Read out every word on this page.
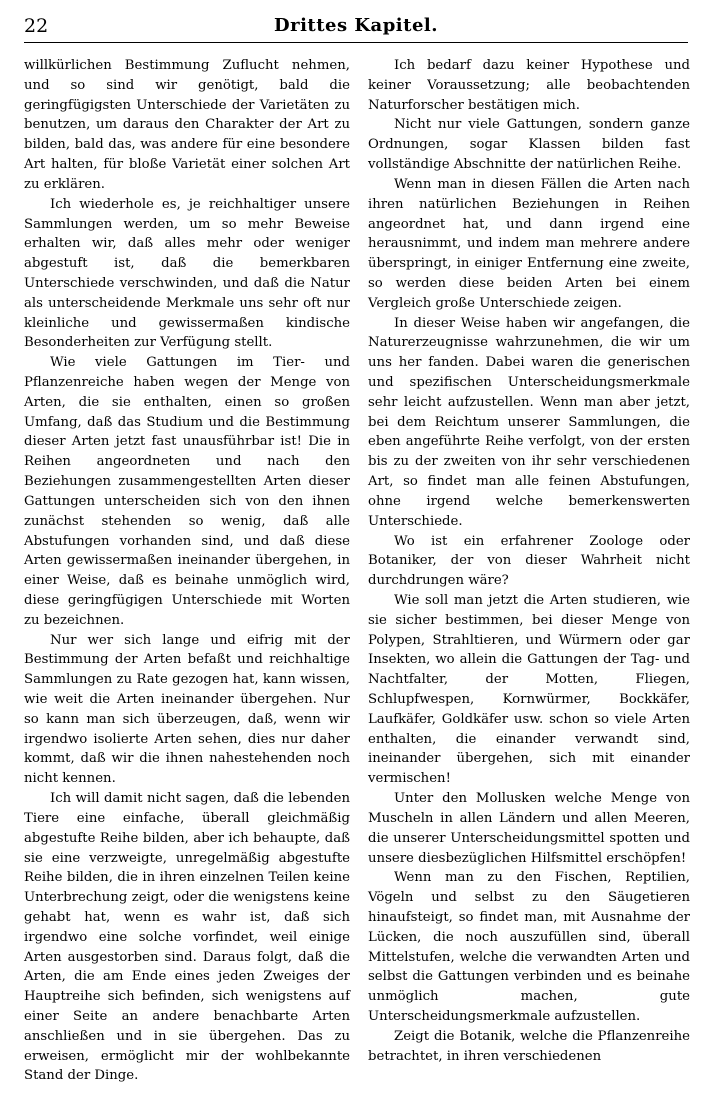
22	Drittes Kapitel.

willkürlichen Bestimmung Zuflucht nehmen, und so sind wir genötigt, bald die geringfügigsten Unterschiede der Varietäten zu benutzen, um daraus den Charakter der Art zu bilden, bald das, was andere für eine besondere Art halten, für bloße Varietät einer solchen Art zu erklären.

Ich wiederhole es, je reichhaltiger unsere Sammlungen werden, um so mehr Beweise erhalten wir, daß alles mehr oder weniger abgestuft ist, daß die bemerkbaren Unterschiede verschwinden, und daß die Natur als unterscheidende Merkmale uns sehr oft nur kleinliche und gewissermaßen kindische Besonderheiten zur Verfügung stellt.

Wie viele Gattungen im Tier- und Pflanzenreiche haben wegen der Menge von Arten, die sie enthalten, einen so großen Umfang, daß das Studium und die Bestimmung dieser Arten jetzt fast unausführbar ist! Die in Reihen angeordneten und nach den Beziehungen zusammengestellten Arten dieser Gattungen unterscheiden sich von den ihnen zunächst stehenden so wenig, daß alle Abstufungen vorhanden sind, und daß diese Arten gewissermaßen ineinander übergehen, in einer Weise, daß es beinahe unmöglich wird, diese geringfügigen Unterschiede mit Worten zu bezeichnen.

Nur wer sich lange und eifrig mit der Bestimmung der Arten befaßt und reichhaltige Sammlungen zu Rate gezogen hat, kann wissen, wie weit die Arten ineinander übergehen. Nur so kann man sich überzeugen, daß, wenn wir irgendwo isolierte Arten sehen, dies nur daher kommt, daß wir die ihnen nahestehenden noch nicht kennen.

Ich will damit nicht sagen, daß die lebenden Tiere eine einfache, überall gleichmäßig abgestufte Reihe bilden, aber ich behaupte, daß sie eine verzweigte, unregelmäßig abgestufte Reihe bilden, die in ihren einzelnen Teilen keine Unterbrechung zeigt, oder die wenigstens keine gehabt hat, wenn es wahr ist, daß sich irgendwo eine solche vorfindet, weil einige Arten ausgestorben sind. Daraus folgt, daß die Arten, die am Ende eines jeden Zweiges der Hauptreihe sich befinden, sich wenigstens auf einer Seite an andere benachbarte Arten anschließen und in sie übergehen. Das zu erweisen, ermöglicht mir der wohlbekannte Stand der Dinge.

Ich bedarf dazu keiner Hypothese und keiner Voraussetzung; alle beobachtenden Naturforscher bestätigen mich.

Nicht nur viele Gattungen, sondern ganze Ordnungen, sogar Klassen bilden fast vollständige Abschnitte der natürlichen Reihe.

Wenn man in diesen Fällen die Arten nach ihren natürlichen Beziehungen in Reihen angeordnet hat, und dann irgend eine herausnimmt, und indem man mehrere andere überspringt, in einiger Entfernung eine zweite, so werden diese beiden Arten bei einem Vergleich große Unterschiede zeigen.

In dieser Weise haben wir angefangen, die Naturerzeugnisse wahrzunehmen, die wir um uns her fanden. Dabei waren die generischen und spezifischen Unterscheidungsmerkmale sehr leicht aufzustellen. Wenn man aber jetzt, bei dem Reichtum unserer Sammlungen, die eben angeführte Reihe verfolgt, von der ersten bis zu der zweiten von ihr sehr verschiedenen Art, so findet man alle feinen Abstufungen, ohne irgend welche bemerkenswerten Unterschiede.

Wo ist ein erfahrener Zoologe oder Botaniker, der von dieser Wahrheit nicht durchdrungen wäre?

Wie soll man jetzt die Arten studieren, wie sie sicher bestimmen, bei dieser Menge von Polypen, Strahltieren, und Würmern oder gar Insekten, wo allein die Gattungen der Tag- und Nachtfalter, der Motten, Fliegen, Schlupfwespen, Kornwürmer, Bockkäfer, Laufkäfer, Goldkäfer usw. schon so viele Arten enthalten, die einander verwandt sind, ineinander übergehen, sich mit einander vermischen!

Unter den Mollusken welche Menge von Muscheln in allen Ländern und allen Meeren, die unserer Unterscheidungsmittel spotten und unsere diesbezüglichen Hilfsmittel erschöpfen!

Wenn man zu den Fischen, Reptilien, Vögeln und selbst zu den Säugetieren hinaufsteigt, so findet man, mit Ausnahme der Lücken, die noch auszufüllen sind, überall Mittelstufen, welche die verwandten Arten und selbst die Gattungen verbinden und es beinahe unmöglich machen, gute Unterscheidungsmerkmale aufzustellen.

Zeigt die Botanik, welche die Pflanzenreihe betrachtet, in ihren verschiedenen
